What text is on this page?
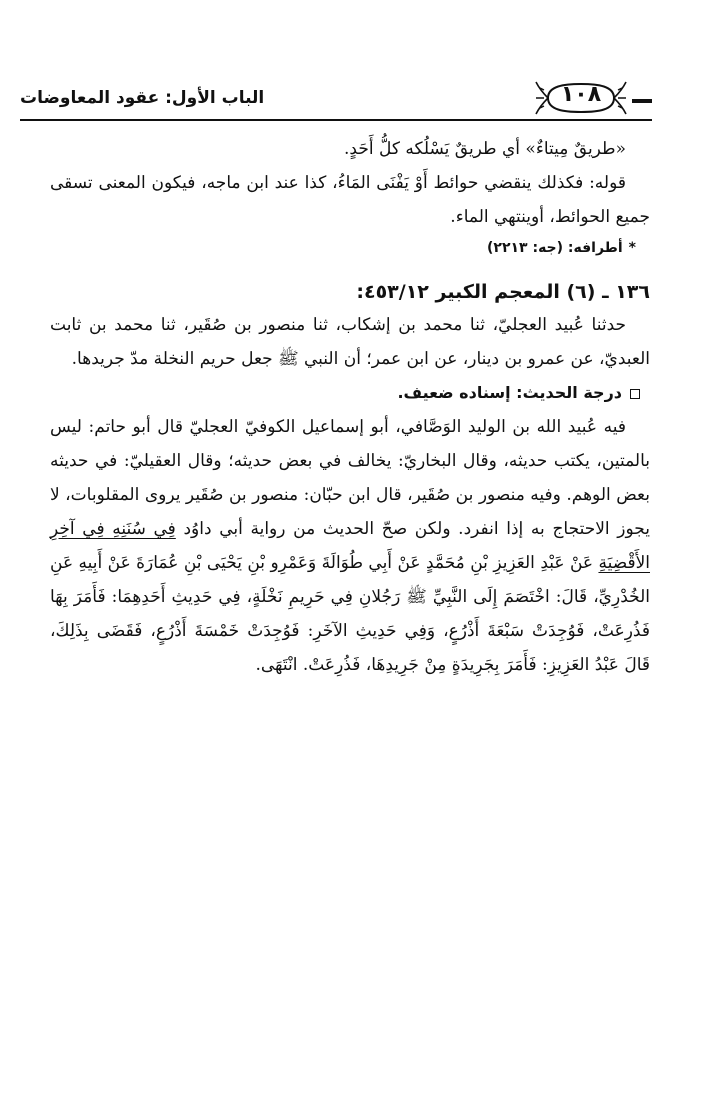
الباب الأول: عقود المعاوضات	١٠٨

«طريقٌ مِيتاءٌ» أي طريقٌ يَسْلُكه كلُّ أَحَدٍ.

قوله: فكذلك ينقضي حوائط أَوْ يَفْنَى المَاءُ، كذا عند ابن ماجه، فيكون المعنى تسقى جميع الحوائط، أوينتهي الماء.

*أطرافه: (جه: ٢٢١٣)

١٣٦ ـ (٦) المعجم الكبير ٤٥٣/١٢:

حدثنا عُبيد العجليّ، ثنا محمد بن إشكاب، ثنا منصور بن صُقَير، ثنا محمد بن ثابت العبديّ، عن عمرو بن دينار، عن ابن عمر؛ أن النبي ﷺ جعل حريم النخلة مدّ جريدها.

درجة الحديث: إسناده ضعيف.

فيه عُبيد الله بن الوليد الوَصَّافي، أبو إسماعيل الكوفيّ العجليّ قال أبو حاتم: ليس بالمتين، يكتب حديثه، وقال البخاريّ: يخالف في بعض حديثه؛ وقال العقيليّ: في حديثه بعض الوهم. وفيه منصور بن صُقَير، قال ابن حبّان: منصور بن صُقَير يروى المقلوبات، لا يجوز الاحتجاج به إذا انفرد. ولكن صحّ الحديث من رواية أبي داوُد فِي سُنَنِهِ فِي آخِرِ الأَقْضِيَةِ عَنْ عَبْدِ العَزِيزِ بْنِ مُحَمَّدٍ عَنْ أَبِي طُوَالَةَ وَعَمْرِو بْنِ يَحْيَى بْنِ عُمَارَةَ عَنْ أَبِيهِ عَنِ الخُدْرِيِّ، قَالَ: اخْتَصَمَ إِلَى النَّبِيِّ ﷺ رَجُلانِ فِي حَرِيمِ نَخْلَةٍ، فِي حَدِيثِ أَحَدِهِمَا: فَأَمَرَ بِهَا فَذُرِعَتْ، فَوُجِدَتْ سَبْعَةَ أَذْرُعٍ، وَفِي حَدِيثِ الآخَرِ: فَوُجِدَتْ خَمْسَةَ أَذْرُعٍ، فَقَضَى بِذَلِكَ، قَالَ عَبْدُ العَزِيزِ: فَأَمَرَ بِجَرِيدَةٍ مِنْ جَرِيدِهَا، فَذُرِعَتْ. انْتَهَى.
